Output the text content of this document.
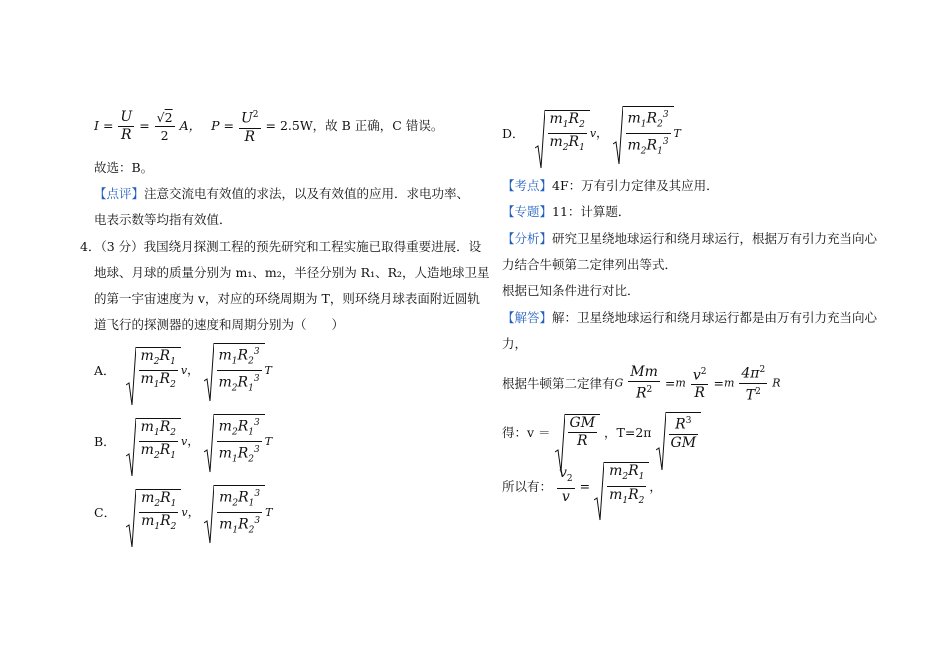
$I = \frac{U}{R} = \frac{√2}{2}$ A， $P = \frac{U^2}{R} = 2.5W$，故 B 正确，C 错误。
故选：B。
【点评】注意交流电有效值的求法，以及有效值的应用．求电功率、
电表示数等均指有效值．
4．（3 分）我国绕月探测工程的预先研究和工程实施已取得重要进展．设
地球、月球的质量分别为 m₁、m₂，半径分别为 R₁、R₂，人造地球卫星
的第一宇宙速度为 v，对应的环绕周期为 T，则环绕月球表面附近圆轨
道飞行的探测器的速度和周期分别为（　　）
A． $\frac{m_2R_1}{m_1R_2}$ v， $\frac{m_1R_2^3}{m_2R_1^3}$ T
B． $\frac{m_1R_2}{m_2R_1}$ v， $\frac{m_2R_1^3}{m_1R_2^3}$ T
C． $\frac{m_2R_1}{m_1R_2}$ v， $\frac{m_2R_1^3}{m_1R_2^3}$ T
D． $\frac{m_1R_2}{m_2R_1}$ v， $\frac{m_1R_2^3}{m_2R_1^3}$ T
【考点】4F：万有引力定律及其应用．
【专题】11：计算题．
【分析】研究卫星绕地球运行和绕月球运行，根据万有引力充当向心
力结合牛顿第二定律列出等式．
根据已知条件进行对比．
【解答】解：卫星绕地球运行和绕月球运行都是由万有引力充当向心
力，
根据牛顿第二定律有G $\frac{Mm}{R^2} =m \frac{v^2}{R} =m \frac{4\pi^2}{T^2}$ R
得：$v = \frac{GM}{R}$ ，$T=2\pi \frac{R^3}{GM}$
所以有： $\frac{v_2}{v} = \frac{m_2R_1}{m_1R_2}$ ，
